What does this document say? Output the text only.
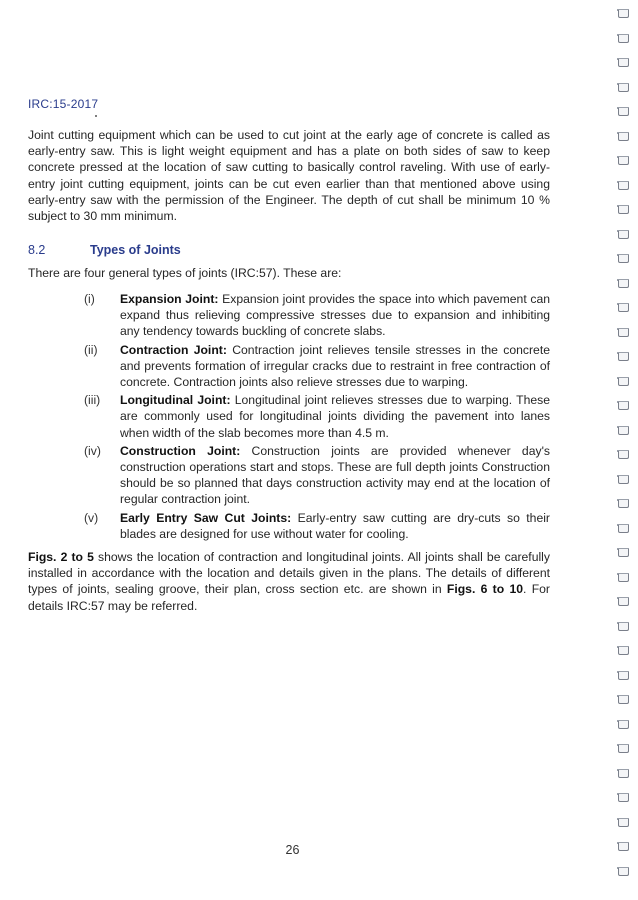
IRC:15-2017
Joint cutting equipment which can be used to cut joint at the early age of concrete is called as early-entry saw. This is light weight equipment and has a plate on both sides of saw to keep concrete pressed at the location of saw cutting to basically control raveling. With use of early-entry joint cutting equipment, joints can be cut even earlier than that mentioned above using early-entry saw with the permission of the Engineer. The depth of cut shall be minimum 10 % subject to 30 mm minimum.
8.2	Types of Joints
There are four general types of joints (IRC:57). These are:
(i)	Expansion Joint: Expansion joint provides the space into which pavement can expand thus relieving compressive stresses due to expansion and inhibiting any tendency towards buckling of concrete slabs.
(ii)	Contraction Joint: Contraction joint relieves tensile stresses in the concrete and prevents formation of irregular cracks due to restraint in free contraction of concrete. Contraction joints also relieve stresses due to warping.
(iii)	Longitudinal Joint: Longitudinal joint relieves stresses due to warping. These are commonly used for longitudinal joints dividing the pavement into lanes when width of the slab becomes more than 4.5 m.
(iv)	Construction Joint: Construction joints are provided whenever day's construction operations start and stops. These are full depth joints Construction should be so planned that days construction activity may end at the location of regular contraction joint.
(v)	Early Entry Saw Cut Joints: Early-entry saw cutting are dry-cuts so their blades are designed for use without water for cooling.
Figs. 2 to 5 shows the location of contraction and longitudinal joints. All joints shall be carefully installed in accordance with the location and details given in the plans. The details of different types of joints, sealing groove, their plan, cross section etc. are shown in Figs. 6 to 10. For details IRC:57 may be referred.
26
